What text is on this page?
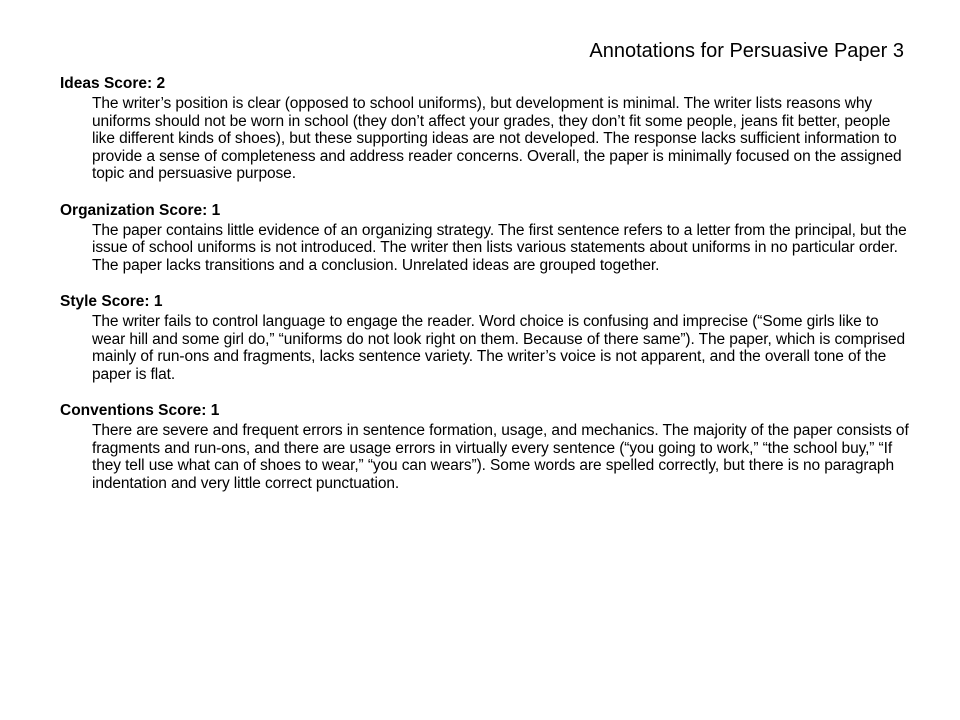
Annotations for Persuasive Paper 3
Ideas Score: 2
The writer’s position is clear (opposed to school uniforms), but development is minimal. The writer lists reasons why uniforms should not be worn in school (they don’t affect your grades, they don’t fit some people, jeans fit better, people like different kinds of shoes), but these supporting ideas are not developed. The response lacks sufficient information to provide a sense of completeness and address reader concerns. Overall, the paper is minimally focused on the assigned topic and persuasive purpose.
Organization Score: 1
The paper contains little evidence of an organizing strategy. The first sentence refers to a letter from the principal, but the issue of school uniforms is not introduced. The writer then lists various statements about uniforms in no particular order. The paper lacks transitions and a conclusion. Unrelated ideas are grouped together.
Style Score: 1
The writer fails to control language to engage the reader. Word choice is confusing and imprecise (“Some girls like to wear hill and some girl do,” “uniforms do not look right on them. Because of there same”). The paper, which is comprised mainly of run-ons and fragments, lacks sentence variety. The writer’s voice is not apparent, and the overall tone of the paper is flat.
Conventions Score: 1
There are severe and frequent errors in sentence formation, usage, and mechanics. The majority of the paper consists of fragments and run-ons, and there are usage errors in virtually every sentence (“you going to work,” “the school buy,” “If they tell use what can of shoes to wear,” “you can wears”). Some words are spelled correctly, but there is no paragraph indentation and very little correct punctuation.
